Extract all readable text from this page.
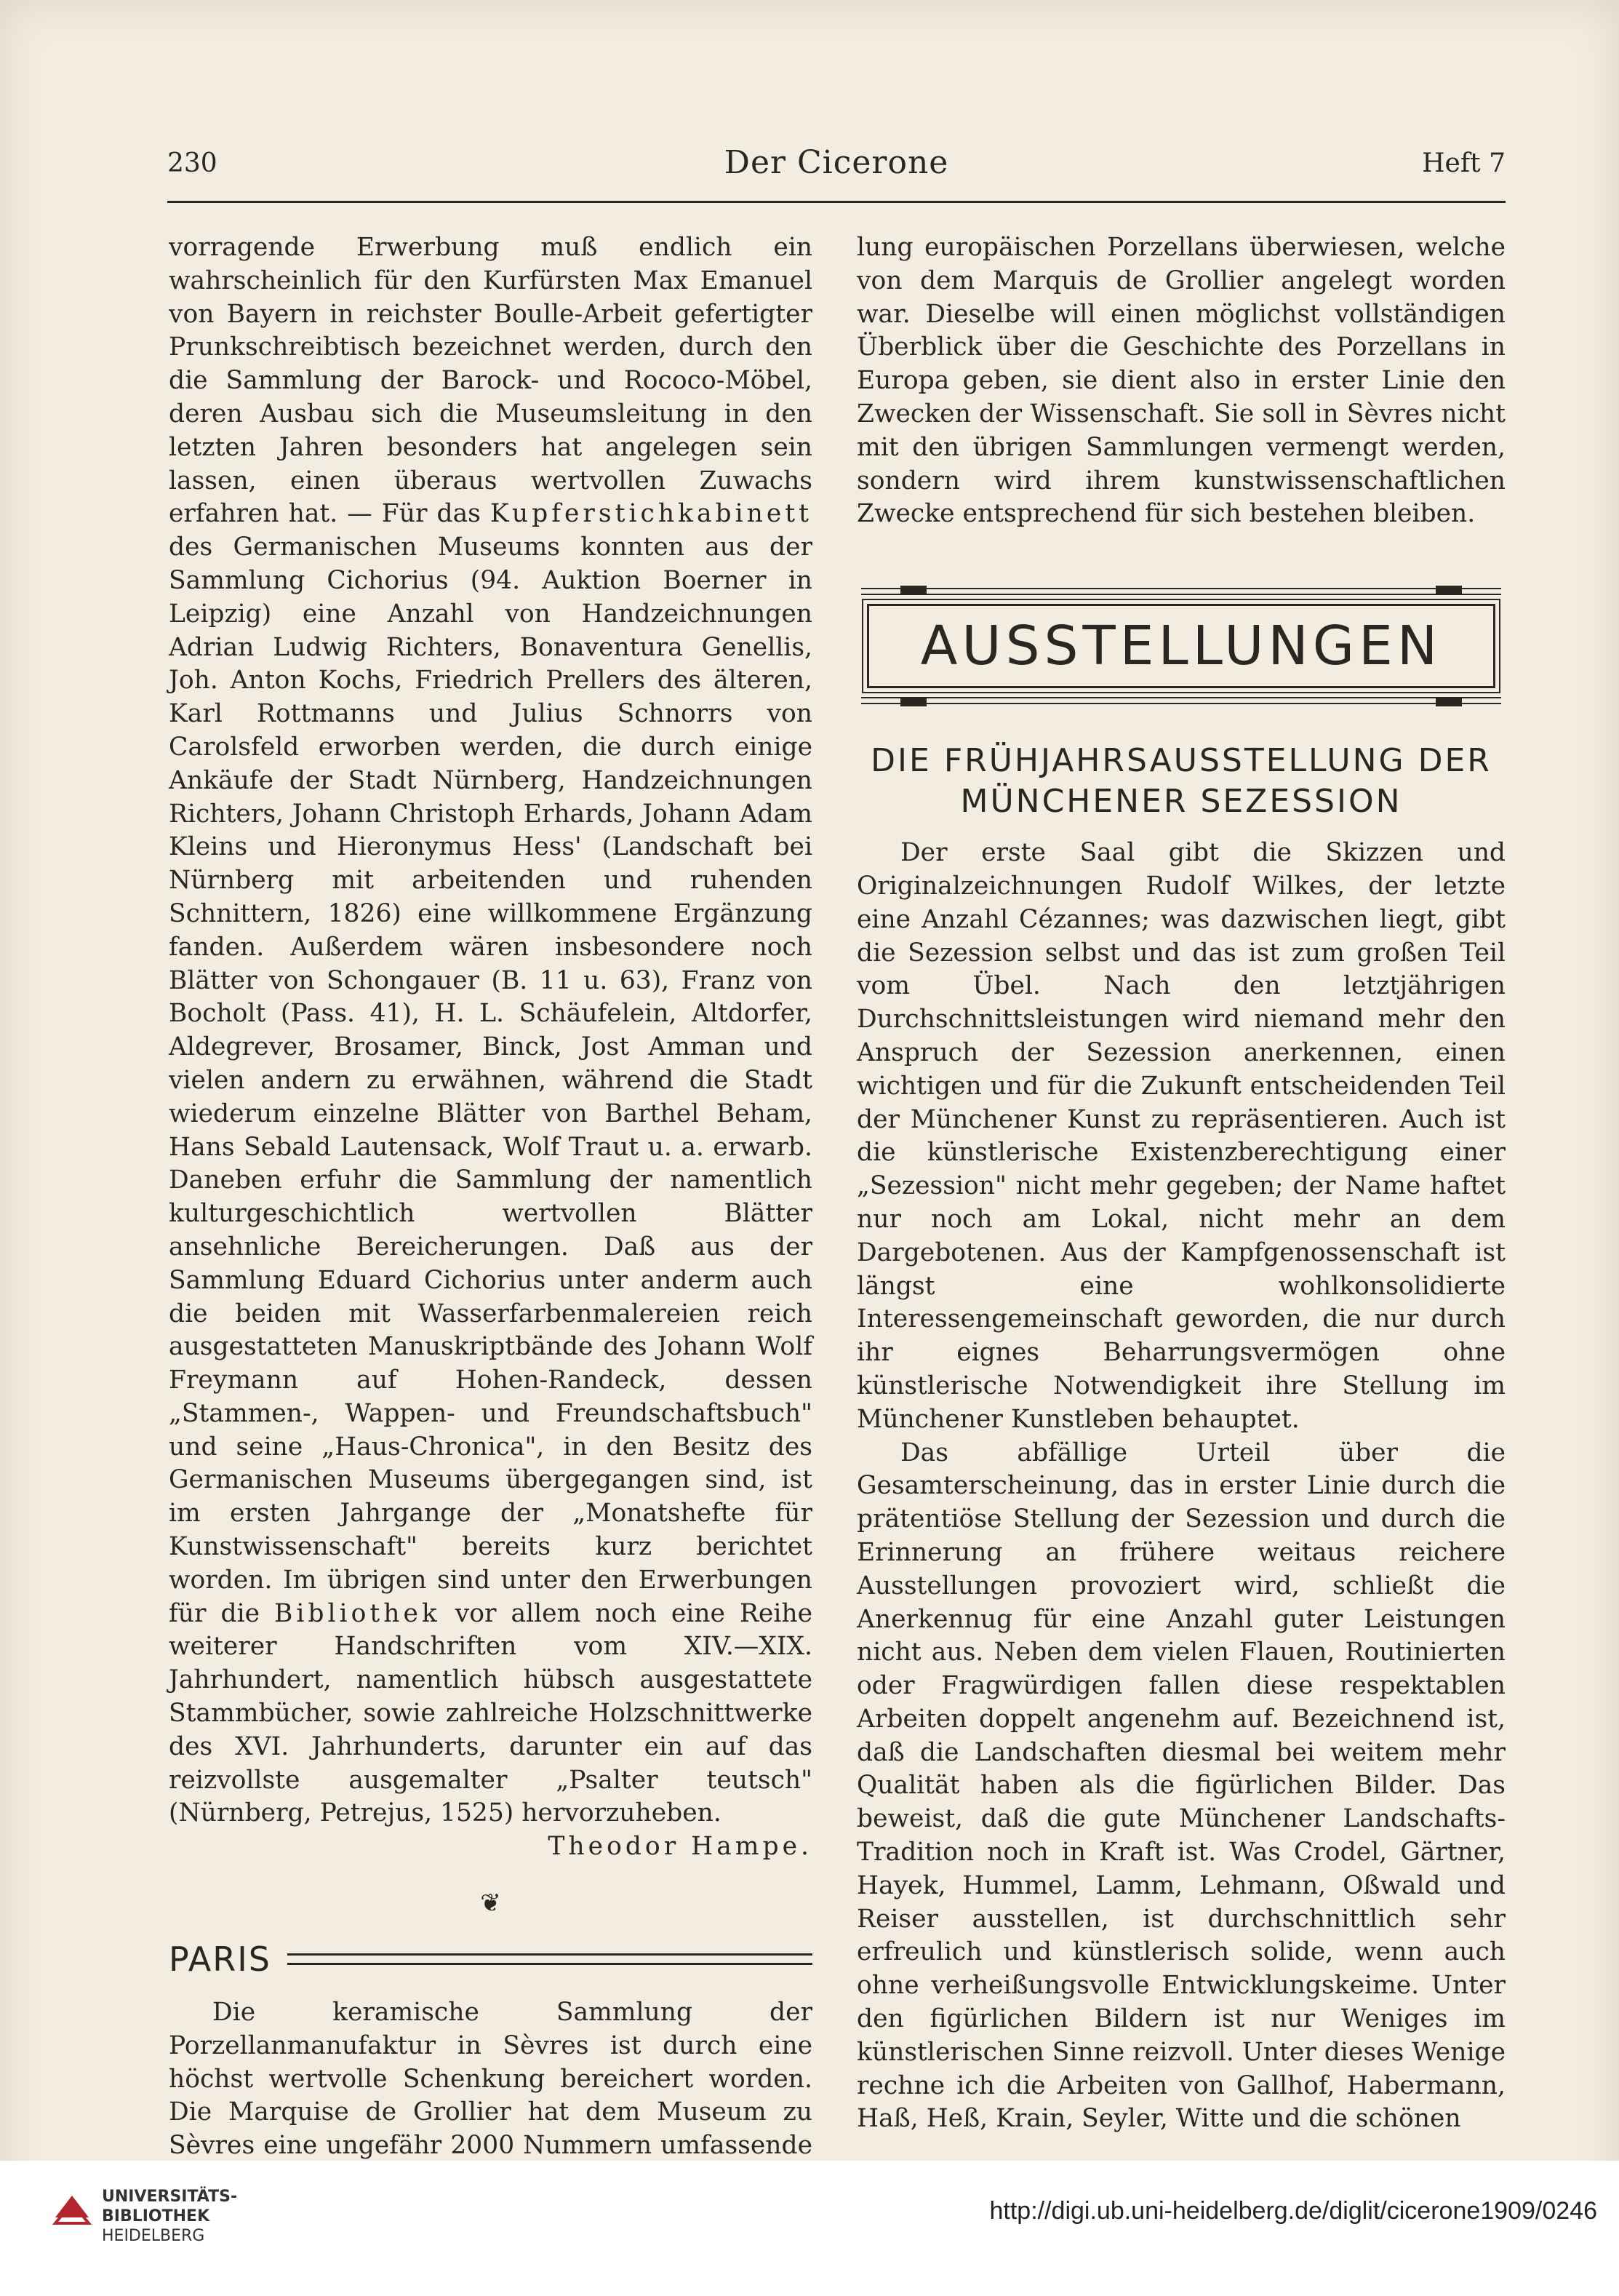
Der Cicerone
230	Heft 7

vorragende Erwerbung muß endlich ein wahrscheinlich für den Kurfürsten Max Emanuel von Bayern in reichster Boulle-Arbeit gefertigter Prunkschreibtisch bezeichnet werden, durch den die Sammlung der Barock- und Rococo-Möbel, deren Ausbau sich die Museumsleitung in den letzten Jahren besonders hat angelegen sein lassen, einen überaus wertvollen Zuwachs erfahren hat. — Für das Kupferstichkabinett des Germanischen Museums konnten aus der Sammlung Cichorius (94. Auktion Boerner in Leipzig) eine Anzahl von Handzeichnungen Adrian Ludwig Richters, Bonaventura Genellis, Joh. Anton Kochs, Friedrich Prellers des älteren, Karl Rottmanns und Julius Schnorrs von Carolsfeld erworben werden, die durch einige Ankäufe der Stadt Nürnberg, Handzeichnungen Richters, Johann Christoph Erhards, Johann Adam Kleins und Hieronymus Hess' (Landschaft bei Nürnberg mit arbeitenden und ruhenden Schnittern, 1826) eine willkommene Ergänzung fanden. Außerdem wären insbesondere noch Blätter von Schongauer (B. 11 u. 63), Franz von Bocholt (Pass. 41), H. L. Schäufelein, Altdorfer, Aldegrever, Brosamer, Binck, Jost Amman und vielen andern zu erwähnen, während die Stadt wiederum einzelne Blätter von Barthel Beham, Hans Sebald Lautensack, Wolf Traut u. a. erwarb. Daneben erfuhr die Sammlung der namentlich kulturgeschichtlich wertvollen Blätter ansehnliche Bereicherungen. Daß aus der Sammlung Eduard Cichorius unter anderm auch die beiden mit Wasserfarbenmalereien reich ausgestatteten Manuskriptbände des Johann Wolf Freymann auf Hohen-Randeck, dessen „Stammen-, Wappen- und Freundschaftsbuch" und seine „Haus-Chronica", in den Besitz des Germanischen Museums übergegangen sind, ist im ersten Jahrgange der „Monatshefte für Kunstwissenschaft" bereits kurz berichtet worden. Im übrigen sind unter den Erwerbungen für die Bibliothek vor allem noch eine Reihe weiterer Handschriften vom XIV.—XIX. Jahrhundert, namentlich hübsch ausgestattete Stammbücher, sowie zahlreiche Holzschnittwerke des XVI. Jahrhunderts, darunter ein auf das reizvollste ausgemalter „Psalter teutsch" (Nürnberg, Petrejus, 1525) hervorzuheben.

Theodor Hampe.
❦
PARIS

Die keramische Sammlung der Porzellanmanufaktur in Sèvres ist durch eine höchst wertvolle Schenkung bereichert worden. Die Marquise de Grollier hat dem Museum zu Sèvres eine ungefähr 2000 Nummern umfassende

lung europäischen Porzellans überwiesen, welche von dem Marquis de Grollier angelegt worden war. Dieselbe will einen möglichst vollständigen Überblick über die Geschichte des Porzellans in Europa geben, sie dient also in erster Linie den Zwecken der Wissenschaft. Sie soll in Sèvres nicht mit den übrigen Sammlungen vermengt werden, sondern wird ihrem kunstwissenschaftlichen Zwecke entsprechend für sich bestehen bleiben.

AUSSTELLUNGEN
DIE FRÜHJAHRSAUSSTELLUNG DER
MÜNCHENER SEZESSION

Der erste Saal gibt die Skizzen und Originalzeichnungen Rudolf Wilkes, der letzte eine Anzahl Cézannes; was dazwischen liegt, gibt die Sezession selbst und das ist zum großen Teil vom Übel. Nach den letztjährigen Durchschnittsleistungen wird niemand mehr den Anspruch der Sezession anerkennen, einen wichtigen und für die Zukunft entscheidenden Teil der Münchener Kunst zu repräsentieren. Auch ist die künstlerische Existenzberechtigung einer „Sezession" nicht mehr gegeben; der Name haftet nur noch am Lokal, nicht mehr an dem Dargebotenen. Aus der Kampfgenossenschaft ist längst eine wohlkonsolidierte Interessengemeinschaft geworden, die nur durch ihr eignes Beharrungsvermögen ohne künstlerische Notwendigkeit ihre Stellung im Münchener Kunstleben behauptet.

Das abfällige Urteil über die Gesamterscheinung, das in erster Linie durch die prätentiöse Stellung der Sezession und durch die Erinnerung an frühere weitaus reichere Ausstellungen provoziert wird, schließt die Anerkennug für eine Anzahl guter Leistungen nicht aus. Neben dem vielen Flauen, Routinierten oder Fragwürdigen fallen diese respektablen Arbeiten doppelt angenehm auf. Bezeichnend ist, daß die Landschaften diesmal bei weitem mehr Qualität haben als die figürlichen Bilder. Das beweist, daß die gute Münchener Landschafts-Tradition noch in Kraft ist. Was Crodel, Gärtner, Hayek, Hummel, Lamm, Lehmann, Oßwald und Reiser ausstellen, ist durchschnittlich sehr erfreulich und künstlerisch solide, wenn auch ohne verheißungsvolle Entwicklungskeime. Unter den figürlichen Bildern ist nur Weniges im künstlerischen Sinne reizvoll. Unter dieses Wenige rechne ich die Arbeiten von Gallhof, Habermann, Haß, Heß, Krain, Seyler, Witte und die schönen

UNIVERSITÄTS-
BIBLIOTHEK
HEIDELBERG
http://digi.ub.uni-heidelberg.de/diglit/cicerone1909/0246
